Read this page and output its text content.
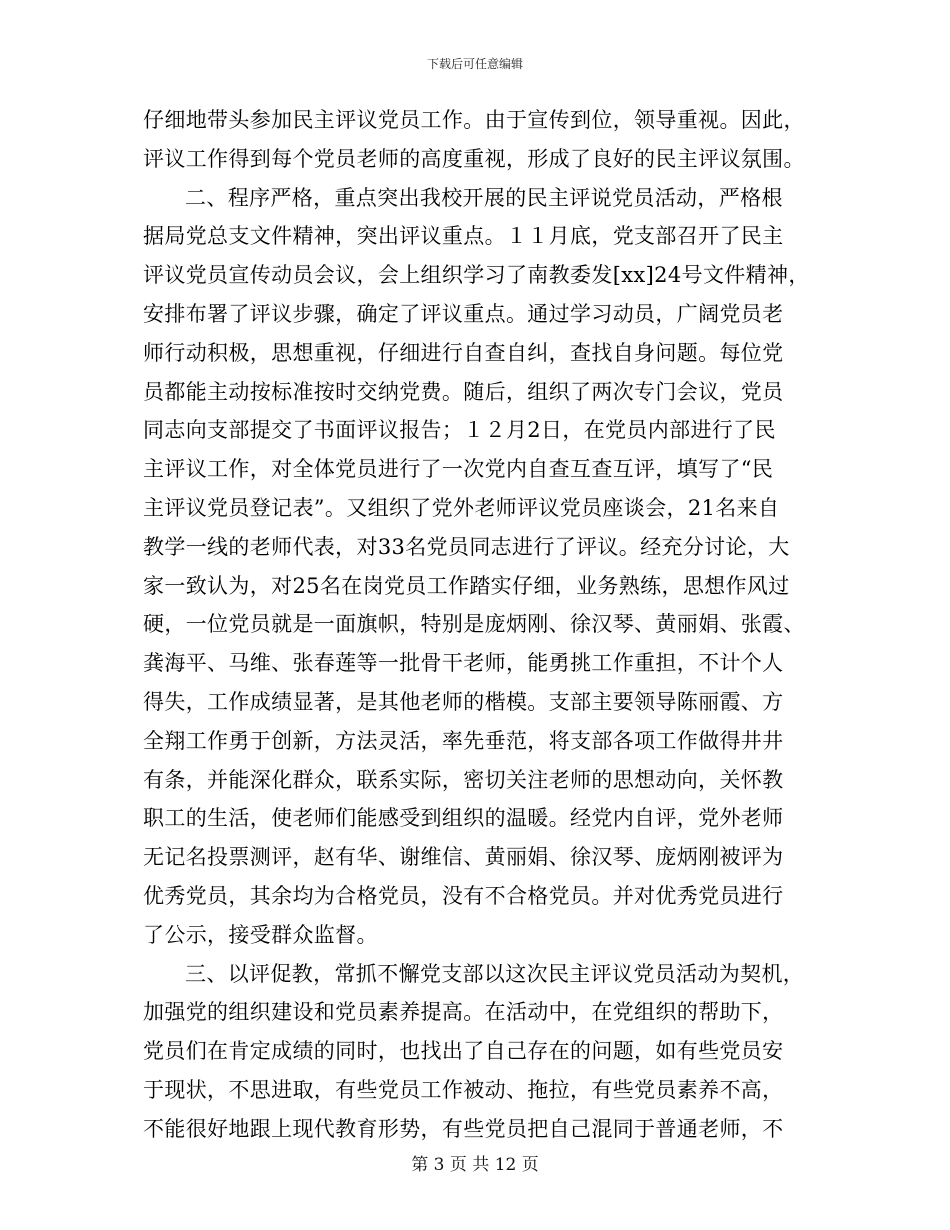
下载后可任意编辑
仔细地带头参加民主评议党员工作。由于宣传到位，领导重视。因此，
评议工作得到每个党员老师的高度重视，形成了良好的民主评议氛围。
二、程序严格，重点突出我校开展的民主评说党员活动，严格根
据局党总支文件精神，突出评议重点。１１月底，党支部召开了民主
评议党员宣传动员会议，会上组织学习了南教委发[xx]24号文件精神，
安排布署了评议步骤，确定了评议重点。通过学习动员，广阔党员老
师行动积极，思想重视，仔细进行自查自纠，查找自身问题。每位党
员都能主动按标准按时交纳党费。随后，组织了两次专门会议，党员
同志向支部提交了书面评议报告；１２月2日，在党员内部进行了民
主评议工作，对全体党员进行了一次党内自查互查互评，填写了“民
主评议党员登记表”。又组织了党外老师评议党员座谈会，21名来自
教学一线的老师代表，对33名党员同志进行了评议。经充分讨论，大
家一致认为，对25名在岗党员工作踏实仔细，业务熟练，思想作风过
硬，一位党员就是一面旗帜，特别是庞炳刚、徐汉琴、黄丽娟、张霞、
龚海平、马维、张春莲等一批骨干老师，能勇挑工作重担，不计个人
得失，工作成绩显著，是其他老师的楷模。支部主要领导陈丽霞、方
全翔工作勇于创新，方法灵活，率先垂范，将支部各项工作做得井井
有条，并能深化群众，联系实际，密切关注老师的思想动向，关怀教
职工的生活，使老师们能感受到组织的温暖。经党内自评，党外老师
无记名投票测评，赵有华、谢维信、黄丽娟、徐汉琴、庞炳刚被评为
优秀党员，其余均为合格党员，没有不合格党员。并对优秀党员进行
了公示，接受群众监督。
三、以评促教，常抓不懈党支部以这次民主评议党员活动为契机，
加强党的组织建设和党员素养提高。在活动中，在党组织的帮助下，
党员们在肯定成绩的同时，也找出了自己存在的问题，如有些党员安
于现状，不思进取，有些党员工作被动、拖拉，有些党员素养不高，
不能很好地跟上现代教育形势，有些党员把自己混同于普通老师，不
第 3 页 共 12 页
